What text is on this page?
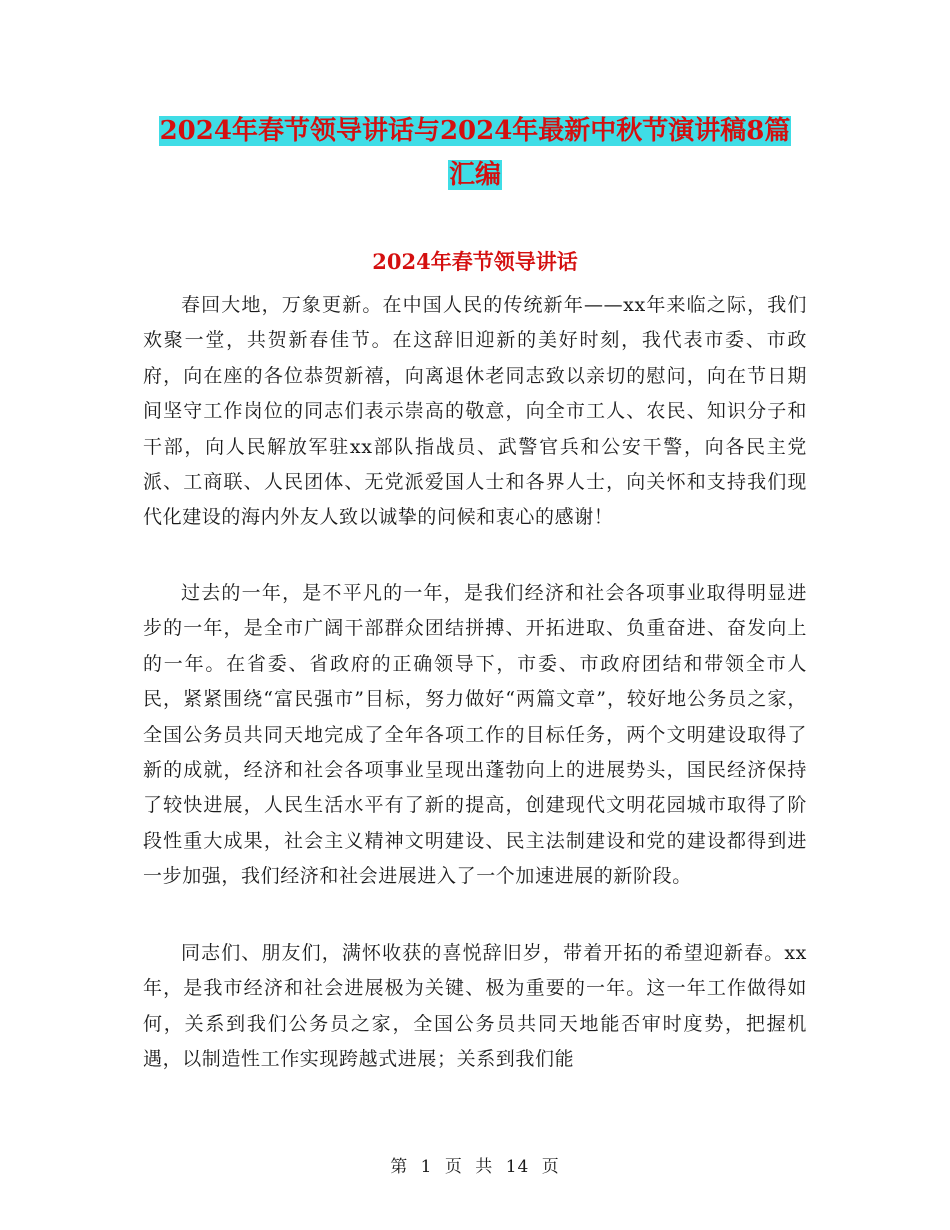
2024年春节领导讲话与2024年最新中秋节演讲稿8篇
汇编
2024年春节领导讲话

春回大地，万象更新。在中国人民的传统新年——xx年来临之际，我们欢聚一堂，共贺新春佳节。在这辞旧迎新的美好时刻，我代表市委、市政府，向在座的各位恭贺新禧，向离退休老同志致以亲切的慰问，向在节日期间坚守工作岗位的同志们表示崇高的敬意，向全市工人、农民、知识分子和干部，向人民解放军驻xx部队指战员、武警官兵和公安干警，向各民主党派、工商联、人民团体、无党派爱国人士和各界人士，向关怀和支持我们现代化建设的海内外友人致以诚挚的问候和衷心的感谢！

过去的一年，是不平凡的一年，是我们经济和社会各项事业取得明显进步的一年，是全市广阔干部群众团结拼搏、开拓进取、负重奋进、奋发向上的一年。在省委、省政府的正确领导下，市委、市政府团结和带领全市人民，紧紧围绕“富民强市”目标，努力做好“两篇文章”，较好地公务员之家，全国公务员共同天地完成了全年各项工作的目标任务，两个文明建设取得了新的成就，经济和社会各项事业呈现出蓬勃向上的进展势头，国民经济保持了较快进展，人民生活水平有了新的提高，创建现代文明花园城市取得了阶段性重大成果，社会主义精神文明建设、民主法制建设和党的建设都得到进一步加强，我们经济和社会进展进入了一个加速进展的新阶段。

同志们、朋友们，满怀收获的喜悦辞旧岁，带着开拓的希望迎新春。xx年，是我市经济和社会进展极为关键、极为重要的一年。这一年工作做得如何，关系到我们公务员之家，全国公务员共同天地能否审时度势，把握机遇，以制造性工作实现跨越式进展；关系到我们能

第 1 页 共 14 页
